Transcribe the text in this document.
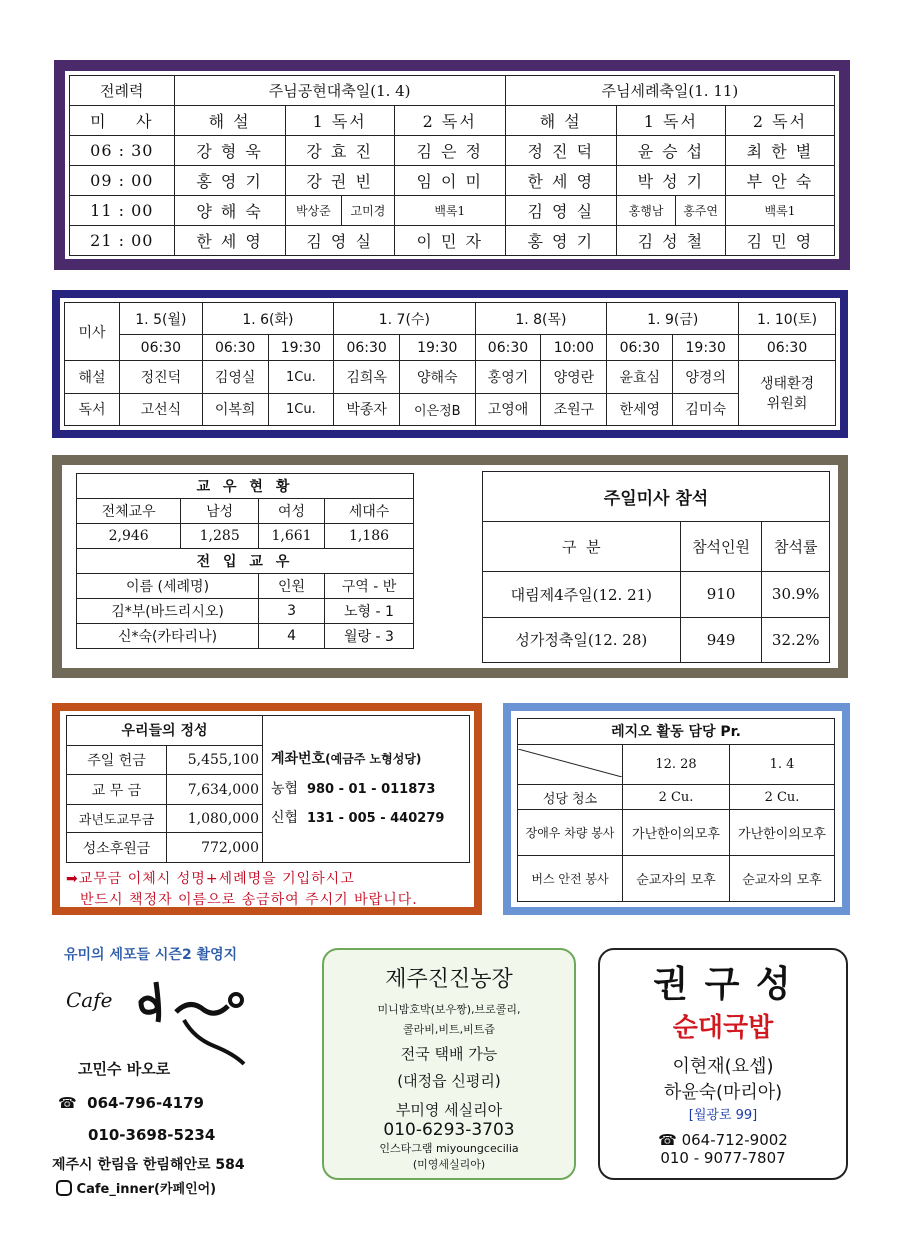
전례력	주님공현대축일(1. 4)				주님세례축일(1. 11)			
미    사	해 설	1 독서		2 독서	해 설	1 독서		2 독서
06 : 30	강 형 욱	강 효 진		김 은 정	정 진 덕	윤 승 섭		최 한 별
09 : 00	홍 영 기	강 권 빈		임 이 미	한 세 영	박 성 기		부 안 숙
11 : 00	양 해 숙	박상준	고미경	백록1	김 영 실	홍행남	홍주연	백록1
21 : 00	한 세 영	김 영 실		이 민 자	홍 영 기	김 성 철		김 민 영
미사	1. 5(월)	1. 6(화)		1. 7(수)		1. 8(목)		1. 9(금)		1. 10(토)
	06:30	06:30	19:30	06:30	19:30	06:30	10:00	06:30	19:30	06:30
해설	정진덕	김영실	1Cu.	김희옥	양해숙	홍영기	양영란	윤효심	양경의	생태환경
위원회

독서	고선식	이복희	1Cu.	박종자	이은정B	고영애	조원구	한세영	김미숙	
교 우 현 황			
전체교우	남성	여성	세대수
2,946	1,285	1,661	1,186
전 입 교 우			
이름 (세례명)		인원	구역 - 반
김*부(바드리시오)		3	노형 - 1
신*숙(카타리나)		4	월랑 - 3
주일미사 참석		
구  분	참석인원	참석률
대림제4주일(12. 21)	910	30.9%
성가정축일(12. 28)	949	32.2%
우리들의 정성		계좌번호(예금주 노형성당)
농협 980 - 01 - 011873
신협 131 - 005 - 440279

주일 헌금	5,455,100	
교 무 금	7,634,000	
과년도교무금	1,080,000	
성소후원금	772,000	
➡교무금 이체시 성명+세례명을 기입하시고
반드시 책정자 이름으로 송금하여 주시기 바랍니다.
레지오 활동 담당 Pr.		
	12. 28	1. 4
성당 청소	2 Cu.	2 Cu.
장애우 차량 봉사	가난한이의모후	가난한이의모후
버스 안전 봉사	순교자의 모후	순교자의 모후
유미의 세포들 시즌2 촬영지
Cafe
고민수 바오로
☎ 064-796-4179
010-3698-5234
제주시 한림읍 한림해안로 584
Cafe_inner(카페인어)
제주진진농장
미니밤호박(보우짱),브로콜리,
콜라비,비트,비트즙
전국 택배 가능
(대정읍 신평리)
부미영 세실리아
010-6293-3703
인스타그램 miyoungcecilia
(미영세실리아)
권 구 성
순대국밥
이현재(요셉)
하윤숙(마리아)
[월광로 99]
☎ 064-712-9002
010 - 9077-7807
